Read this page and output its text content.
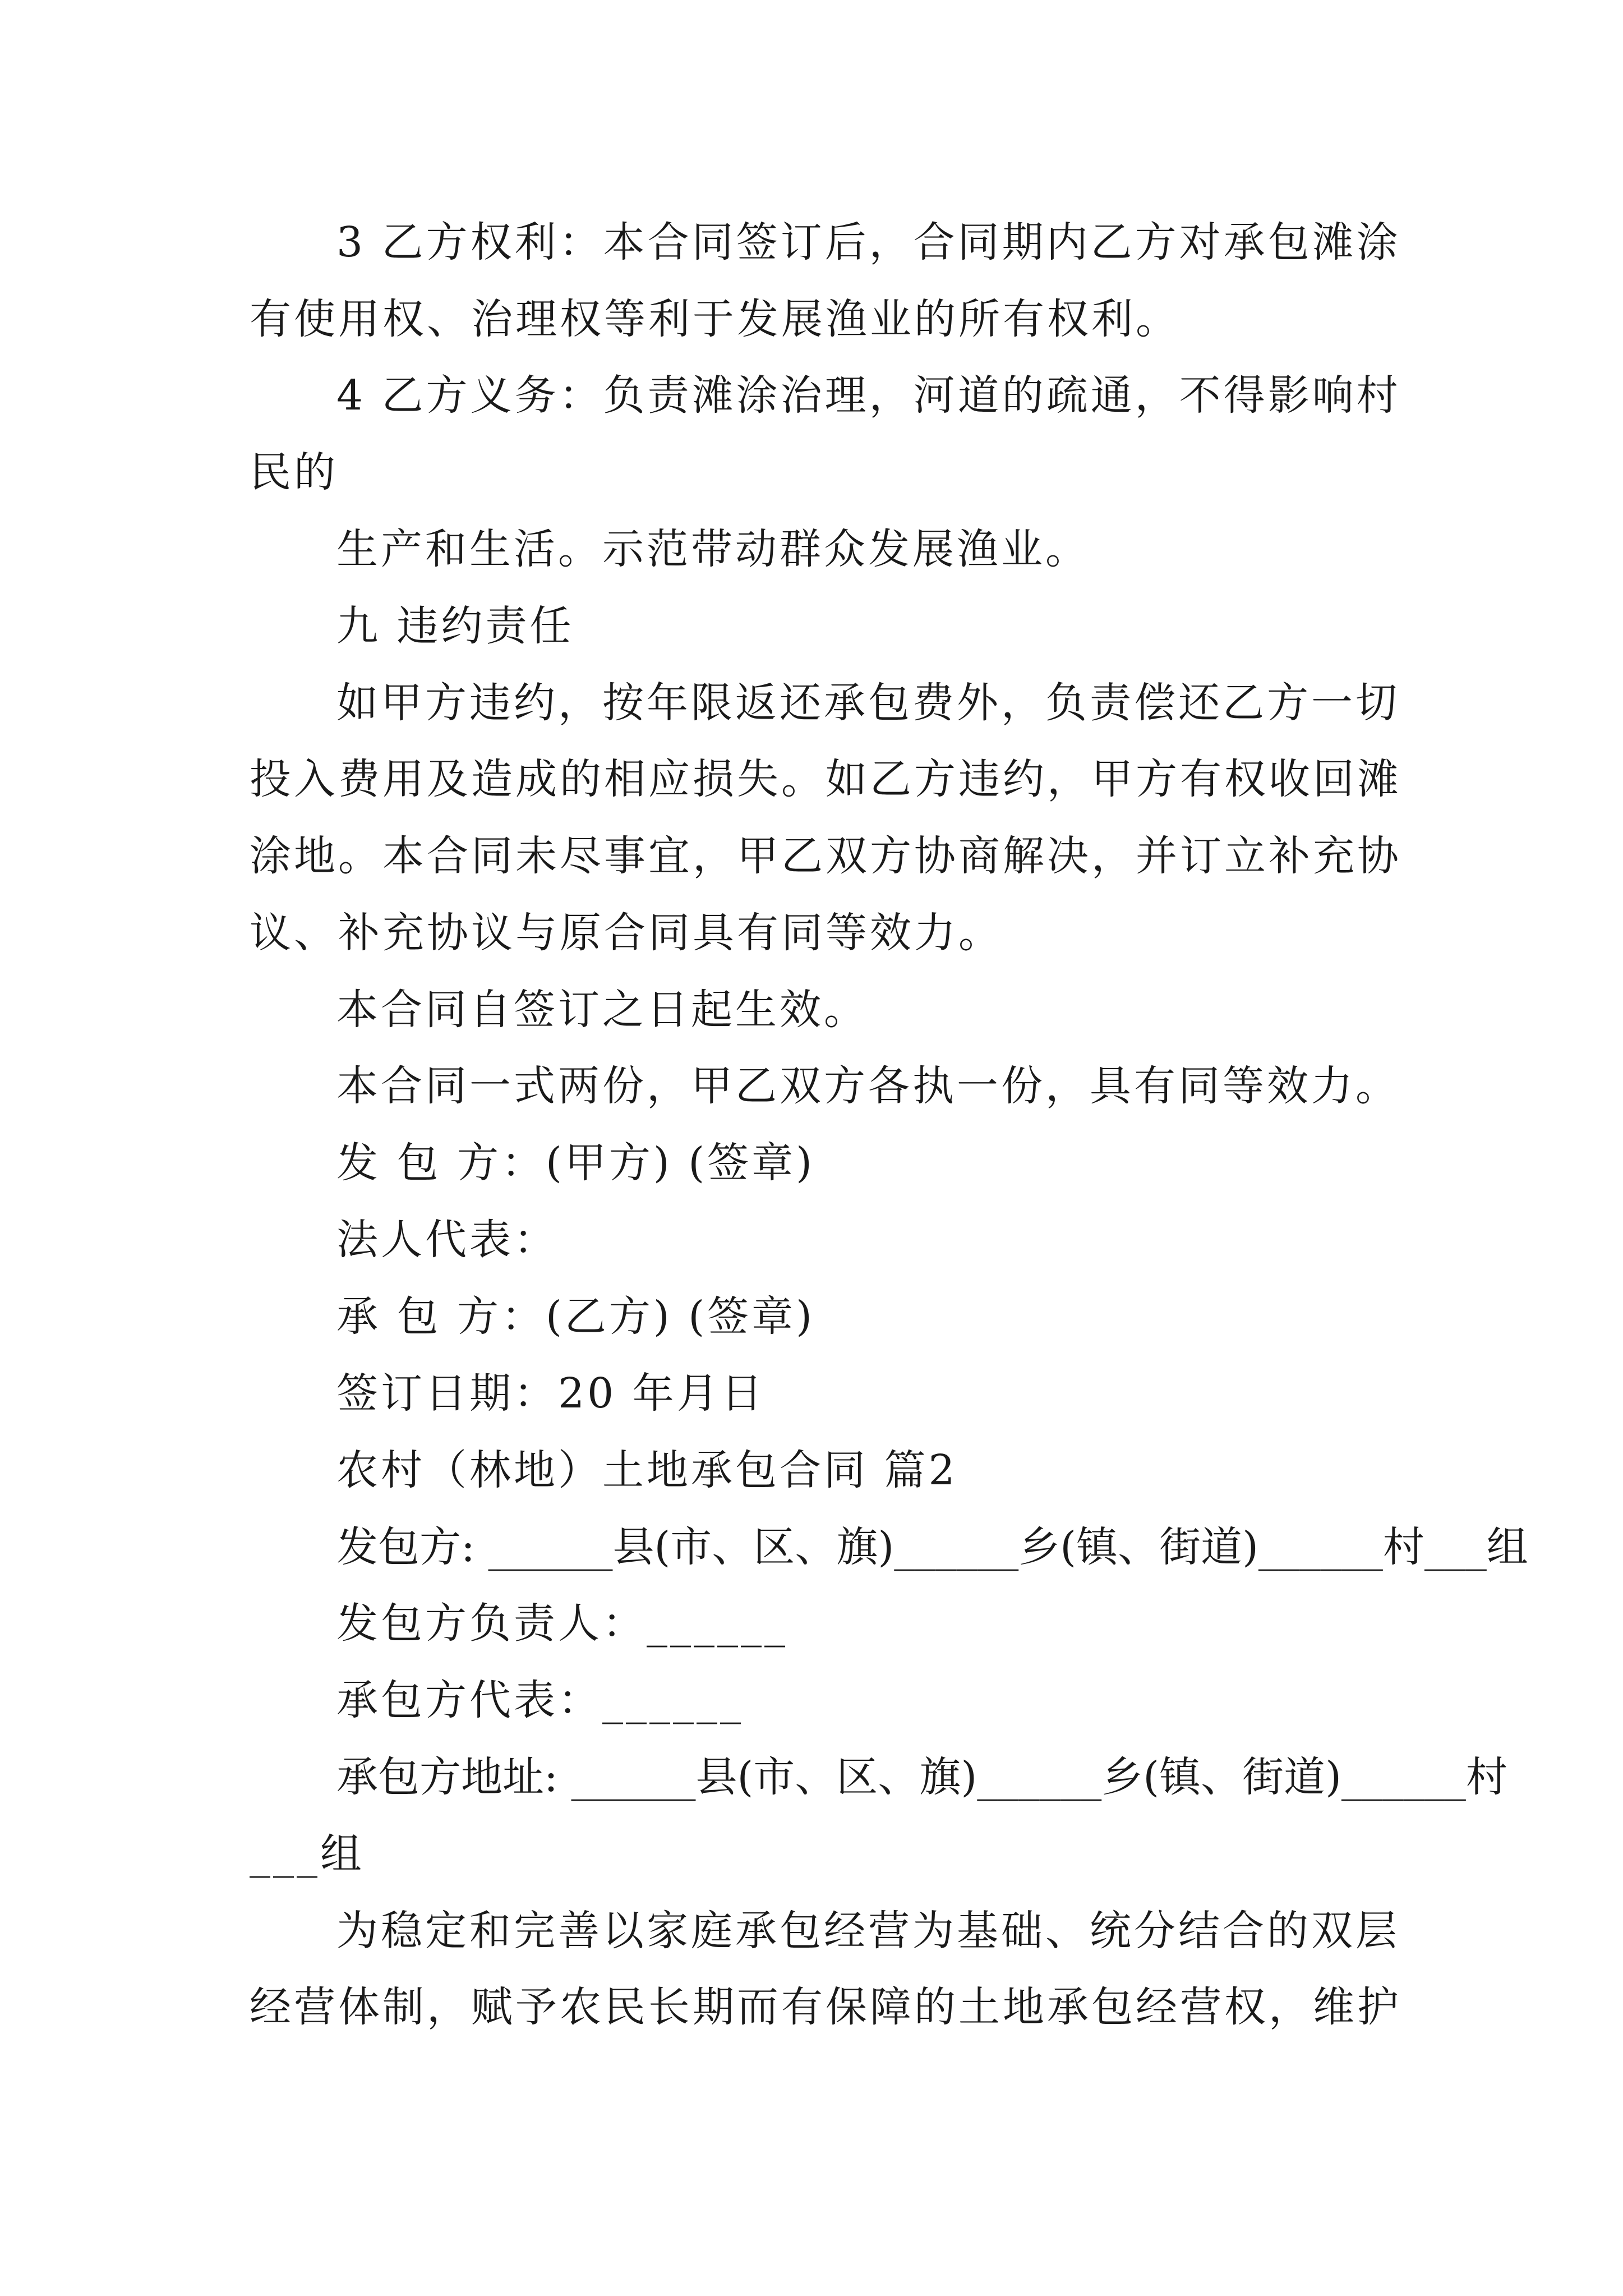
3 乙方权利：本合同签订后，合同期内乙方对承包滩涂
有使用权、治理权等利于发展渔业的所有权利。
4 乙方义务：负责滩涂治理，河道的疏通，不得影响村
民的
生产和生活。示范带动群众发展渔业。
九 违约责任
如甲方违约，按年限返还承包费外，负责偿还乙方一切
投入费用及造成的相应损失。如乙方违约，甲方有权收回滩
涂地。本合同未尽事宜，甲乙双方协商解决，并订立补充协
议、补充协议与原合同具有同等效力。
本合同自签订之日起生效。
本合同一式两份，甲乙双方各执一份，具有同等效力。
发 包 方：(甲方) (签章)
法人代表：
承 包 方：(乙方) (签章)
签订日期：20 年月日
农村（林地）土地承包合同 篇2
发包方: ______县(市、区、旗)______乡(镇、街道)______村___组
发包方负责人：______
承包方代表：______
承包方地址: ______县(市、区、旗)______乡(镇、街道)______村
___组
为稳定和完善以家庭承包经营为基础、统分结合的双层
经营体制，赋予农民长期而有保障的土地承包经营权，维护
